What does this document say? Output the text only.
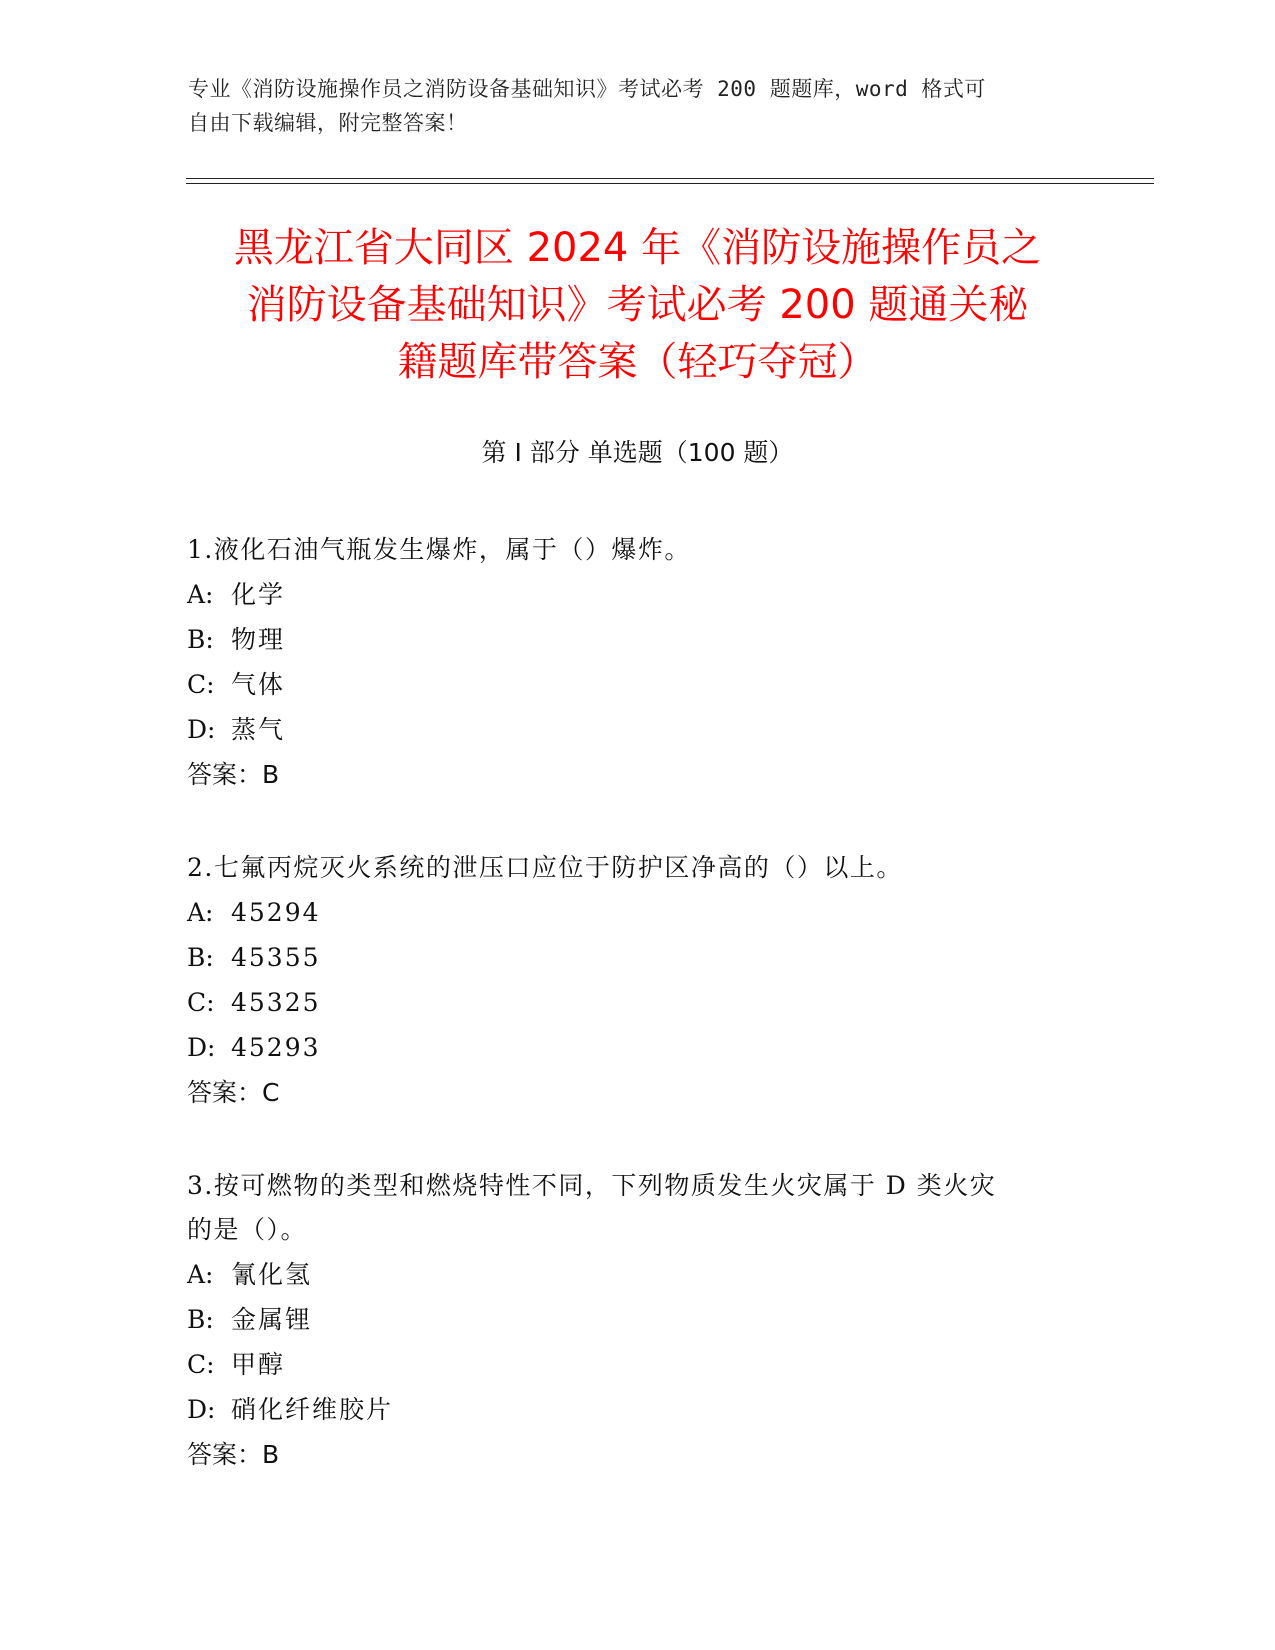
专业《消防设施操作员之消防设备基础知识》考试必考 200 题题库，word 格式可
自由下载编辑，附完整答案！
黑龙江省大同区 2024 年《消防设施操作员之
消防设备基础知识》考试必考 200 题通关秘
籍题库带答案（轻巧夺冠）
第 I 部分 单选题（100 题）

1.液化石油气瓶发生爆炸，属于（）爆炸。

A: 化学
B: 物理
C: 气体
D: 蒸气
答案：B

2.七氟丙烷灭火系统的泄压口应位于防护区净高的（）以上。

A: 45294
B: 45355
C: 45325
D: 45293
答案：C

3.按可燃物的类型和燃烧特性不同，下列物质发生火灾属于 D 类火灾
的是（）。

A: 氰化氢
B: 金属锂
C: 甲醇
D: 硝化纤维胶片
答案：B
